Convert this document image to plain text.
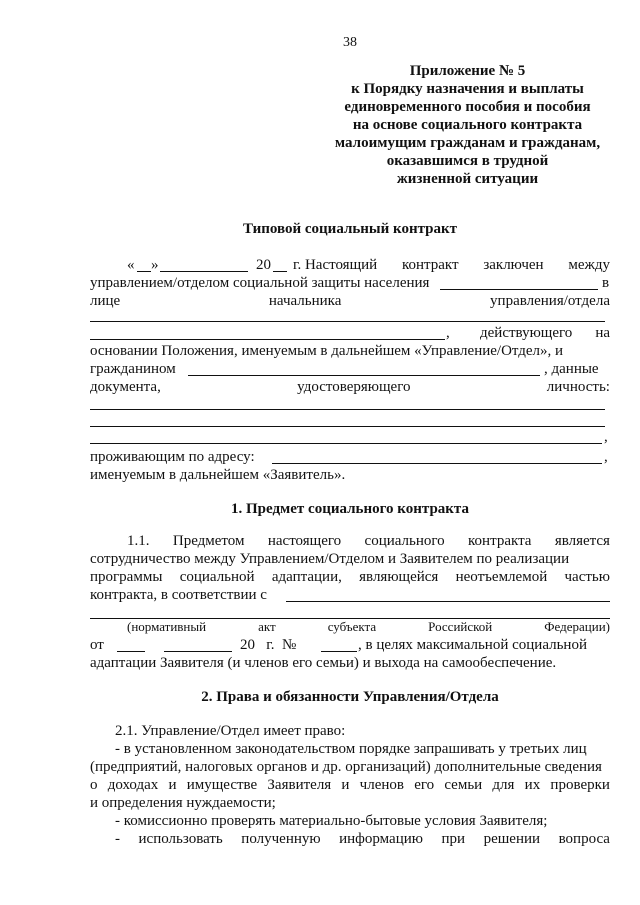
38
Приложение № 5
к Порядку назначения и выплаты
единовременного пособия и пособия
на основе социального контракта
малоимущим гражданам и гражданам,
оказавшимся в трудной
жизненной ситуации
Типовой социальный контракт
« »	20 г. Настоящий контракт заключен между
управлением/отделом социальной защиты населения	в
лице	начальника	управления/отдела
, действующего на
основании Положения, именуемым в дальнейшем «Управление/Отдел», и
гражданином	, данные
документа,	удостоверяющего	личность:
,
проживающим по адресу:	,
именуемым в дальнейшем «Заявитель».
1. Предмет социального контракта
1.1. Предметом настоящего социального контракта является
сотрудничество между Управлением/Отделом и Заявителем по реализации
программы социальной адаптации, являющейся неотъемлемой частью
контракта, в соответствии с
(нормативный	акт	субъекта	Российской	Федерации)
от	20   г.  №	, в целях максимальной социальной
адаптации Заявителя (и членов его семьи) и выхода на самообеспечение.
2. Права и обязанности Управления/Отдела
2.1. Управление/Отдел имеет право:
- в установленном законодательством порядке запрашивать у третьих лиц
(предприятий, налоговых органов и др. организаций) дополнительные сведения
о доходах и имуществе Заявителя и членов его семьи для их проверки
и определения нуждаемости;
- комиссионно проверять материально-бытовые условия Заявителя;
- использовать полученную информацию при решении вопроса
